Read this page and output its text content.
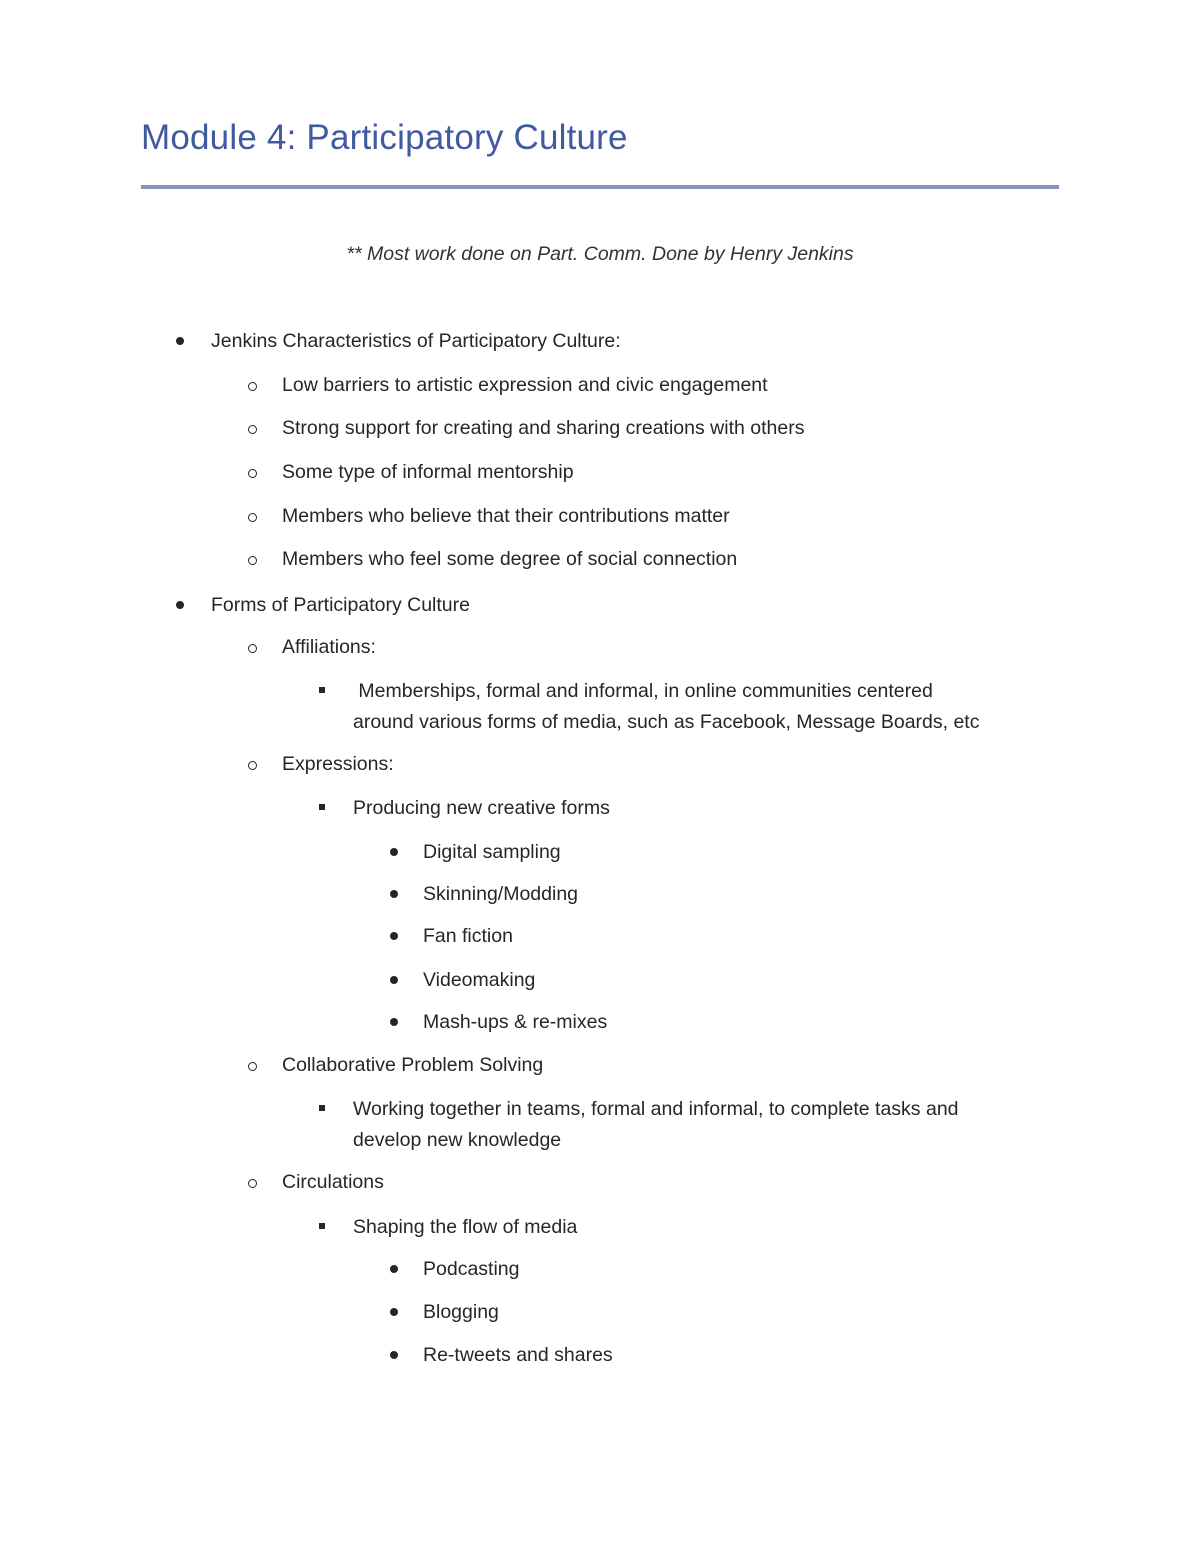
Module 4: Participatory Culture
** Most work done on Part. Comm. Done by Henry Jenkins
Jenkins Characteristics of Participatory Culture:
Low barriers to artistic expression and civic engagement
Strong support for creating and sharing creations with others
Some type of informal mentorship
Members who believe that their contributions matter
Members who feel some degree of social connection
Forms of Participatory Culture
Affiliations:
Memberships, formal and informal, in online communities centered
around various forms of media, such as Facebook, Message Boards, etc
Expressions:
Producing new creative forms
Digital sampling
Skinning/Modding
Fan fiction
Videomaking
Mash-ups & re-mixes
Collaborative Problem Solving
Working together in teams, formal and informal, to complete tasks and
develop new knowledge
Circulations
Shaping the flow of media
Podcasting
Blogging
Re-tweets and shares
